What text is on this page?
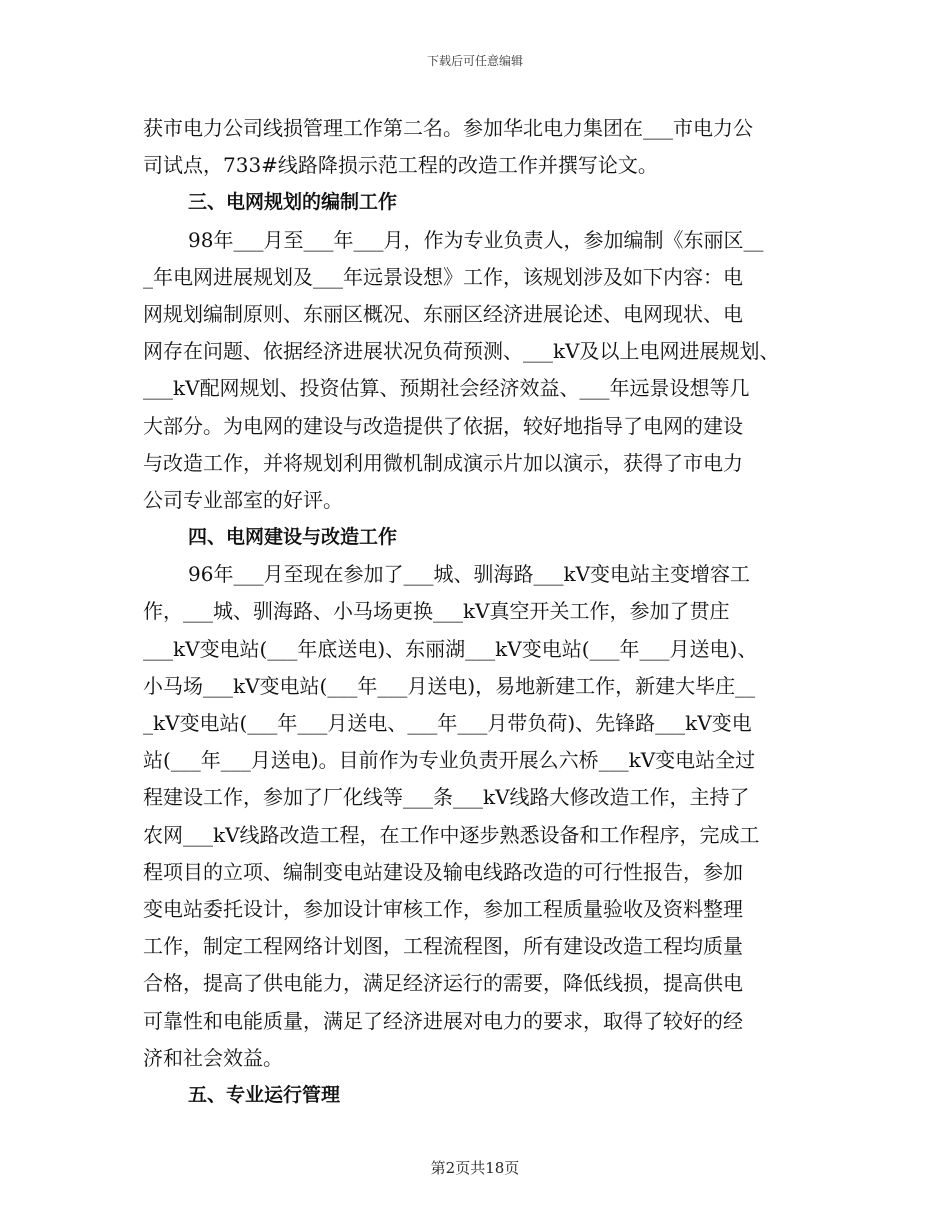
下载后可任意编辑
获市电力公司线损管理工作第二名。参加华北电力集团在___市电力公
司试点，733#线路降损示范工程的改造工作并撰写论文。
三、电网规划的编制工作
98年___月至___年___月，作为专业负责人，参加编制《东丽区__
_年电网进展规划及___年远景设想》工作，该规划涉及如下内容：电
网规划编制原则、东丽区概况、东丽区经济进展论述、电网现状、电
网存在问题、依据经济进展状况负荷预测、___kV及以上电网进展规划、
___kV配网规划、投资估算、预期社会经济效益、___年远景设想等几
大部分。为电网的建设与改造提供了依据，较好地指导了电网的建设
与改造工作，并将规划利用微机制成演示片加以演示，获得了市电力
公司专业部室的好评。
四、电网建设与改造工作
96年___月至现在参加了___城、驯海路___kV变电站主变增容工
作，___城、驯海路、小马场更换___kV真空开关工作，参加了贯庄
___kV变电站(___年底送电)、东丽湖___kV变电站(___年___月送电)、
小马场___kV变电站(___年___月送电)，易地新建工作，新建大毕庄__
_kV变电站(___年___月送电、___年___月带负荷)、先锋路___kV变电
站(___年___月送电)。目前作为专业负责开展么六桥___kV变电站全过
程建设工作，参加了厂化线等___条___kV线路大修改造工作，主持了
农网___kV线路改造工程，在工作中逐步熟悉设备和工作程序，完成工
程项目的立项、编制变电站建设及输电线路改造的可行性报告，参加
变电站委托设计，参加设计审核工作，参加工程质量验收及资料整理
工作，制定工程网络计划图，工程流程图，所有建设改造工程均质量
合格，提高了供电能力，满足经济运行的需要，降低线损，提高供电
可靠性和电能质量，满足了经济进展对电力的要求，取得了较好的经
济和社会效益。
五、专业运行管理
第2页共18页
